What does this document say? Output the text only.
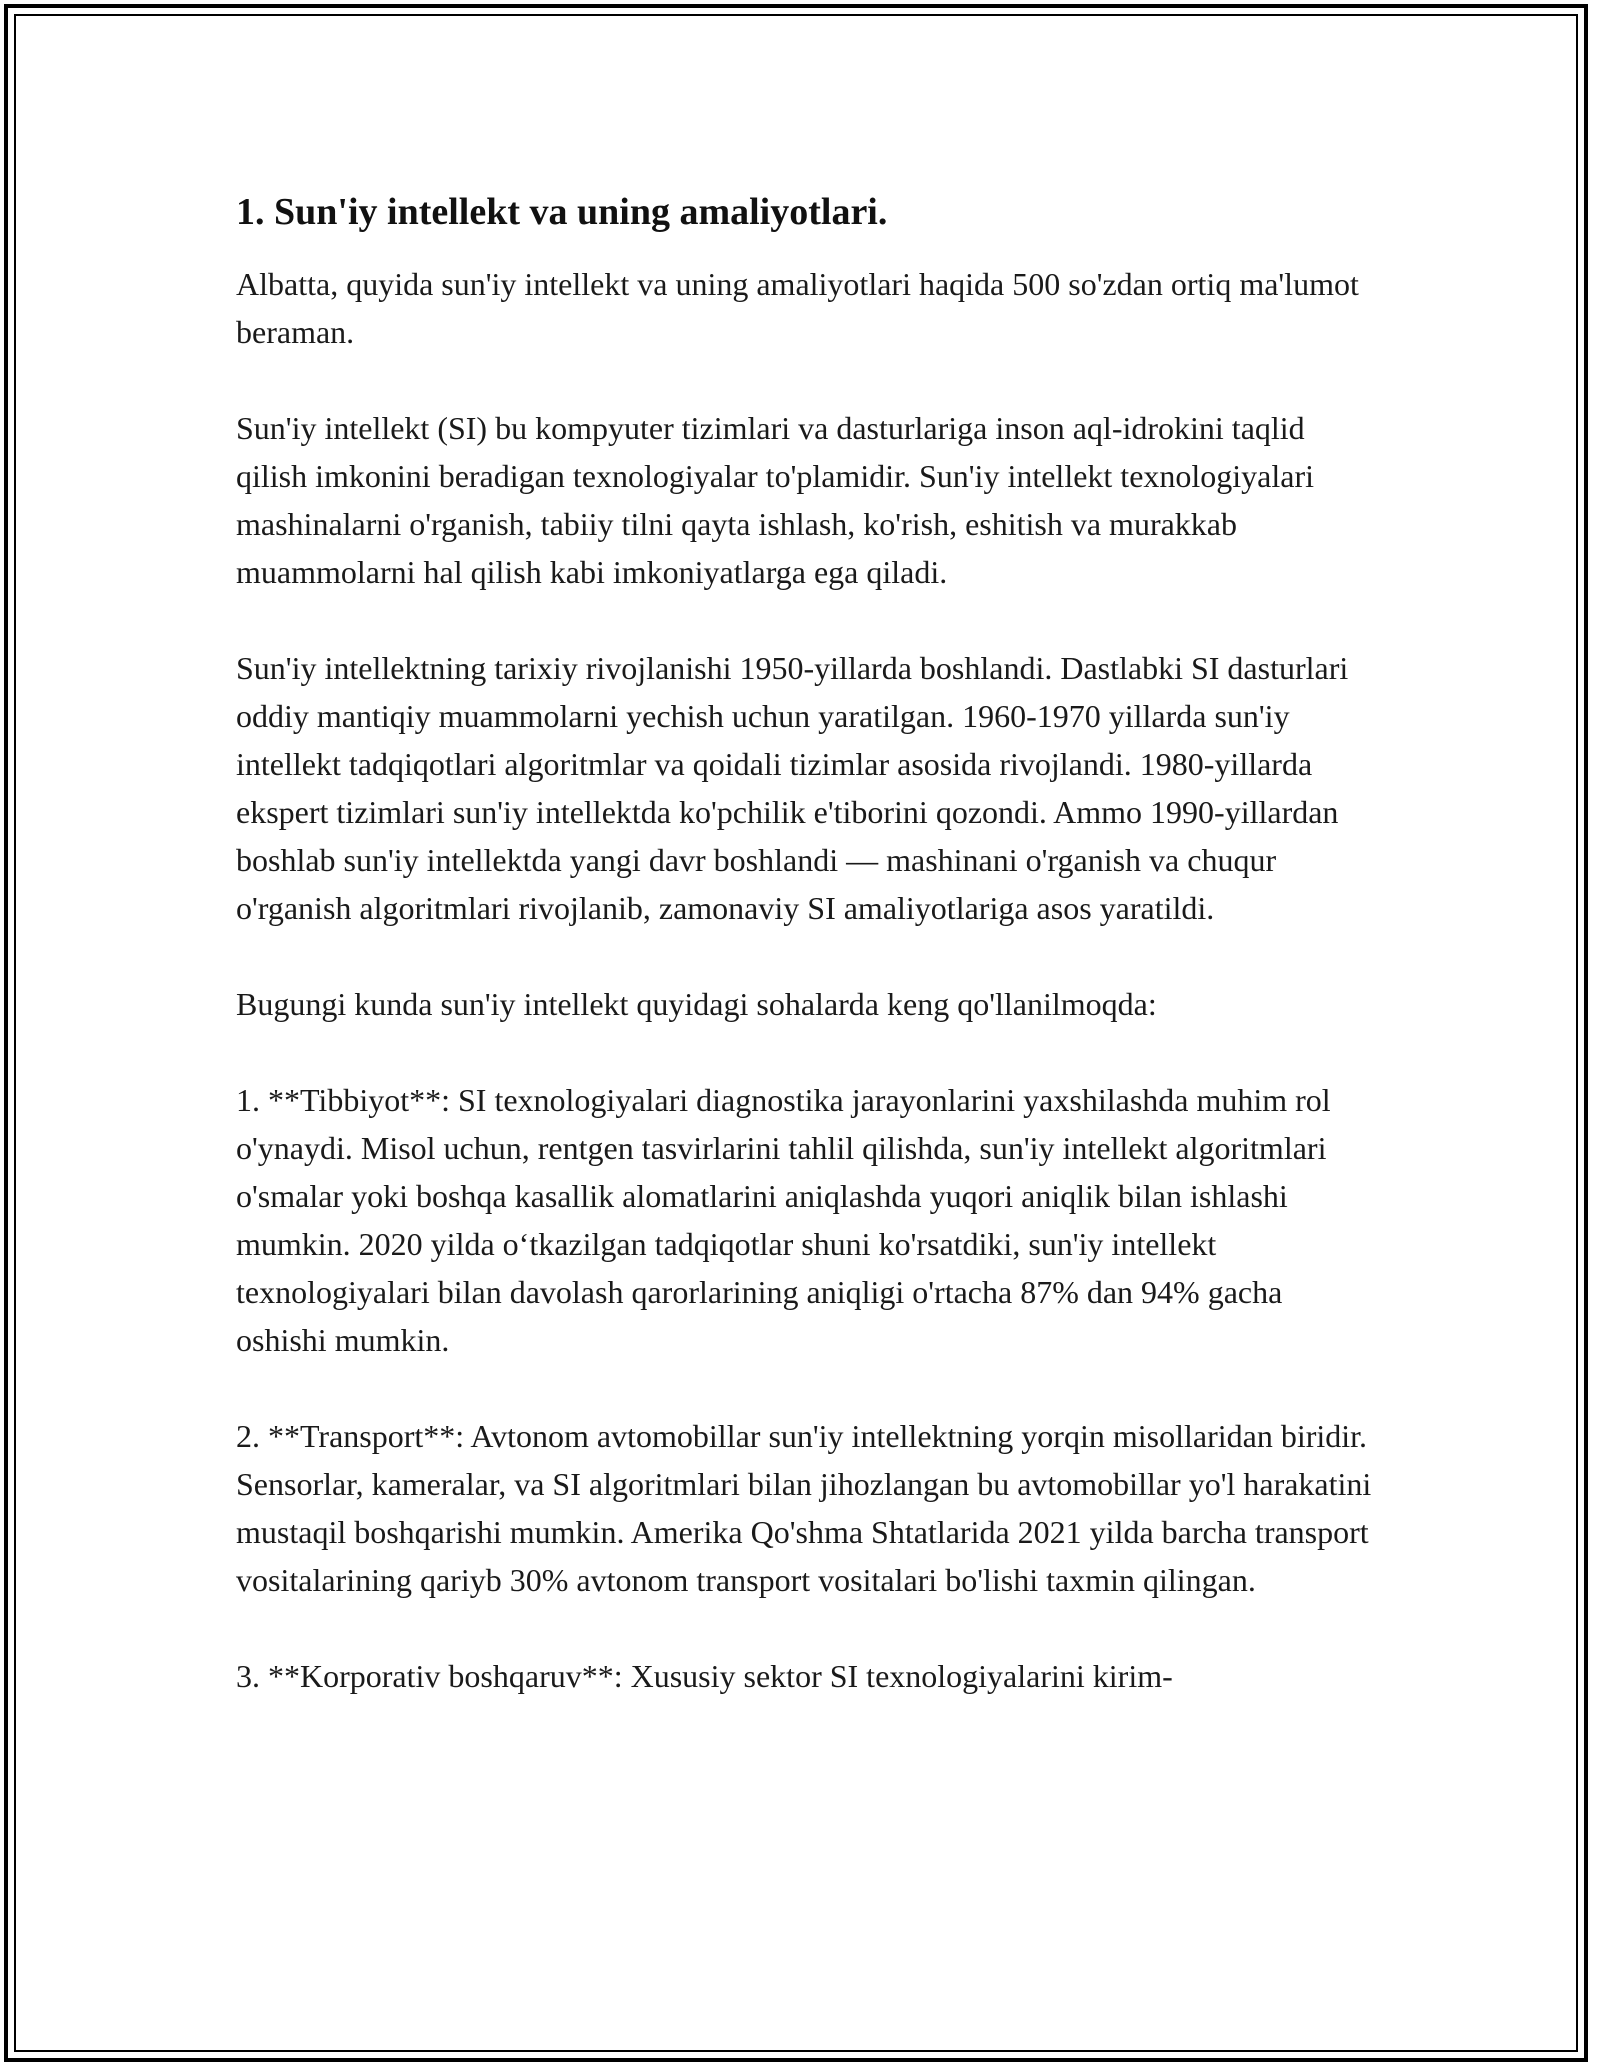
1. Sun'iy intellekt va uning amaliyotlari.

Albatta, quyida sun'iy intellekt va uning amaliyotlari haqida 500 so'zdan ortiq ma'lumot beraman.

Sun'iy intellekt (SI) bu kompyuter tizimlari va dasturlariga inson aql-idrokini taqlid qilish imkonini beradigan texnologiyalar to'plamidir. Sun'iy intellekt texnologiyalari mashinalarni o'rganish, tabiiy tilni qayta ishlash, ko'rish, eshitish va murakkab muammolarni hal qilish kabi imkoniyatlarga ega qiladi.

Sun'iy intellektning tarixiy rivojlanishi 1950-yillarda boshlandi. Dastlabki SI dasturlari oddiy mantiqiy muammolarni yechish uchun yaratilgan. 1960-1970 yillarda sun'iy intellekt tadqiqotlari algoritmlar va qoidali tizimlar asosida rivojlandi. 1980-yillarda ekspert tizimlari sun'iy intellektda ko'pchilik e'tiborini qozondi. Ammo 1990-yillardan boshlab sun'iy intellektda yangi davr boshlandi — mashinani o'rganish va chuqur o'rganish algoritmlari rivojlanib, zamonaviy SI amaliyotlariga asos yaratildi.

Bugungi kunda sun'iy intellekt quyidagi sohalarda keng qo'llanilmoqda:

1. **Tibbiyot**: SI texnologiyalari diagnostika jarayonlarini yaxshilashda muhim rol o'ynaydi. Misol uchun, rentgen tasvirlarini tahlil qilishda, sun'iy intellekt algoritmlari o'smalar yoki boshqa kasallik alomatlarini aniqlashda yuqori aniqlik bilan ishlashi mumkin. 2020 yilda o‘tkazilgan tadqiqotlar shuni ko'rsatdiki, sun'iy intellekt texnologiyalari bilan davolash qarorlarining aniqligi o'rtacha 87% dan 94% gacha oshishi mumkin.

2. **Transport**: Avtonom avtomobillar sun'iy intellektning yorqin misollaridan biridir. Sensorlar, kameralar, va SI algoritmlari bilan jihozlangan bu avtomobillar yo'l harakatini mustaqil boshqarishi mumkin. Amerika Qo'shma Shtatlarida 2021 yilda barcha transport vositalarining qariyb 30% avtonom transport vositalari bo'lishi taxmin qilingan.

3. **Korporativ boshqaruv**: Xususiy sektor SI texnologiyalarini kirim-
